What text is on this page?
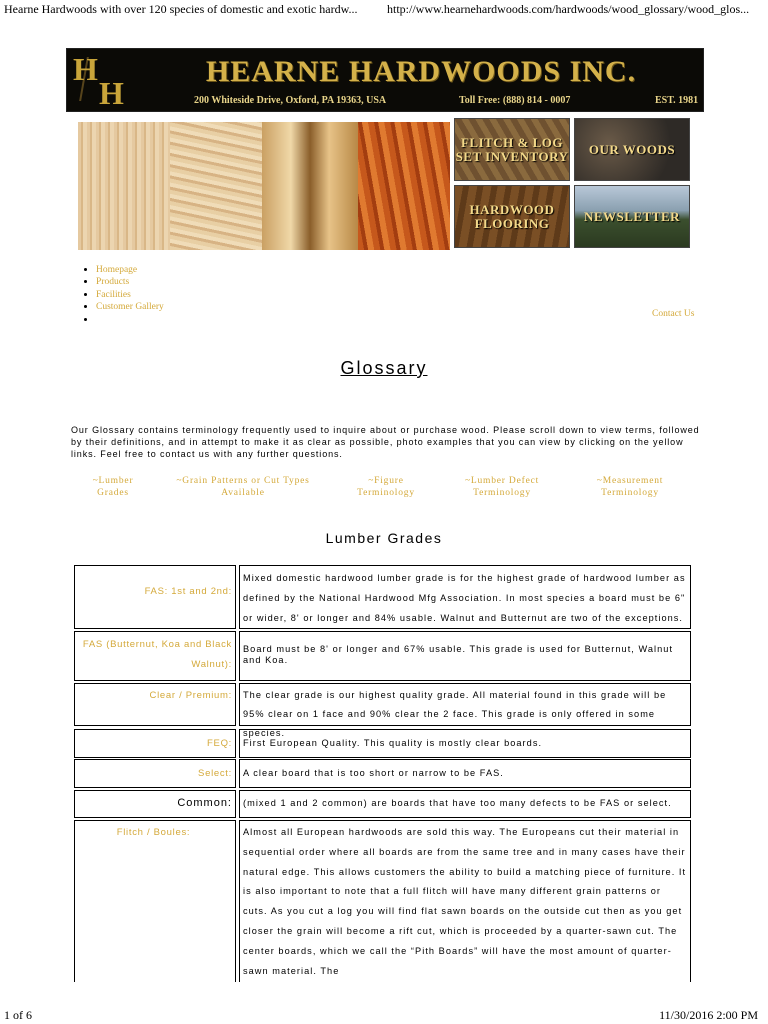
Hearne Hardwoods with over 120 species of domestic and exotic hardw... http://www.hearnehardwoods.com/hardwoods/wood_glossary/wood_glos...
H
H
HEARNE HARDWOODS INC.
200 Whiteside Drive, Oxford, PA 19363, USA	Toll Free: (888) 814 - 0007	EST. 1981
FLITCH & LOG SET INVENTORY OUR WOODS
HARDWOOD FLOORING	NEWSLETTER
• Homepage
• Products
• Facilities
• Customer Gallery
•
Contact Us
Glossary
Our Glossary contains terminology frequently used to inquire about or purchase wood. Please scroll down to view terms, followed by their definitions, and in attempt to make it as clear as possible, photo examples that you can view by clicking on the yellow links. Feel free to contact us with any further questions.
~Lumber Grades
~Grain Patterns or Cut Types Available
~Figure Terminology
~Lumber Defect Terminology
~Measurement Terminology
Lumber Grades
FAS: 1st and 2nd:
Mixed domestic hardwood lumber grade is for the highest grade of hardwood lumber as defined by the National Hardwood Mfg Association. In most species a board must be 6" or wider, 8' or longer and 84% usable. Walnut and Butternut are two of the exceptions.
FAS (Butternut, Koa and Black Walnut):
Board must be 8' or longer and 67% usable. This grade is used for Butternut, Walnut and Koa.
Clear / Premium:	The clear grade is our highest quality grade. All material found in this grade will be 95% clear on 1 face and 90% clear the 2 face. This grade is only offered in some species.
FEQ:	First European Quality. This quality is mostly clear boards.
Select:	A clear board that is too short or narrow to be FAS.
Common:	(mixed 1 and 2 common) are boards that have too many defects to be FAS or select.
Flitch / Boules:	Almost all European hardwoods are sold this way. The Europeans cut their material in sequential order where all boards are from the same tree and in many cases have their natural edge. This allows customers the ability to build a matching piece of furniture. It is also important to note that a full flitch will have many different grain patterns or cuts. As you cut a log you will find flat sawn boards on the outside cut then as you get closer the grain will become a rift cut, which is proceeded by a quarter-sawn cut. The center boards, which we call the “Pith Boards” will have the most amount of quarter-sawn material. The
1 of 6	11/30/2016 2:00 PM
